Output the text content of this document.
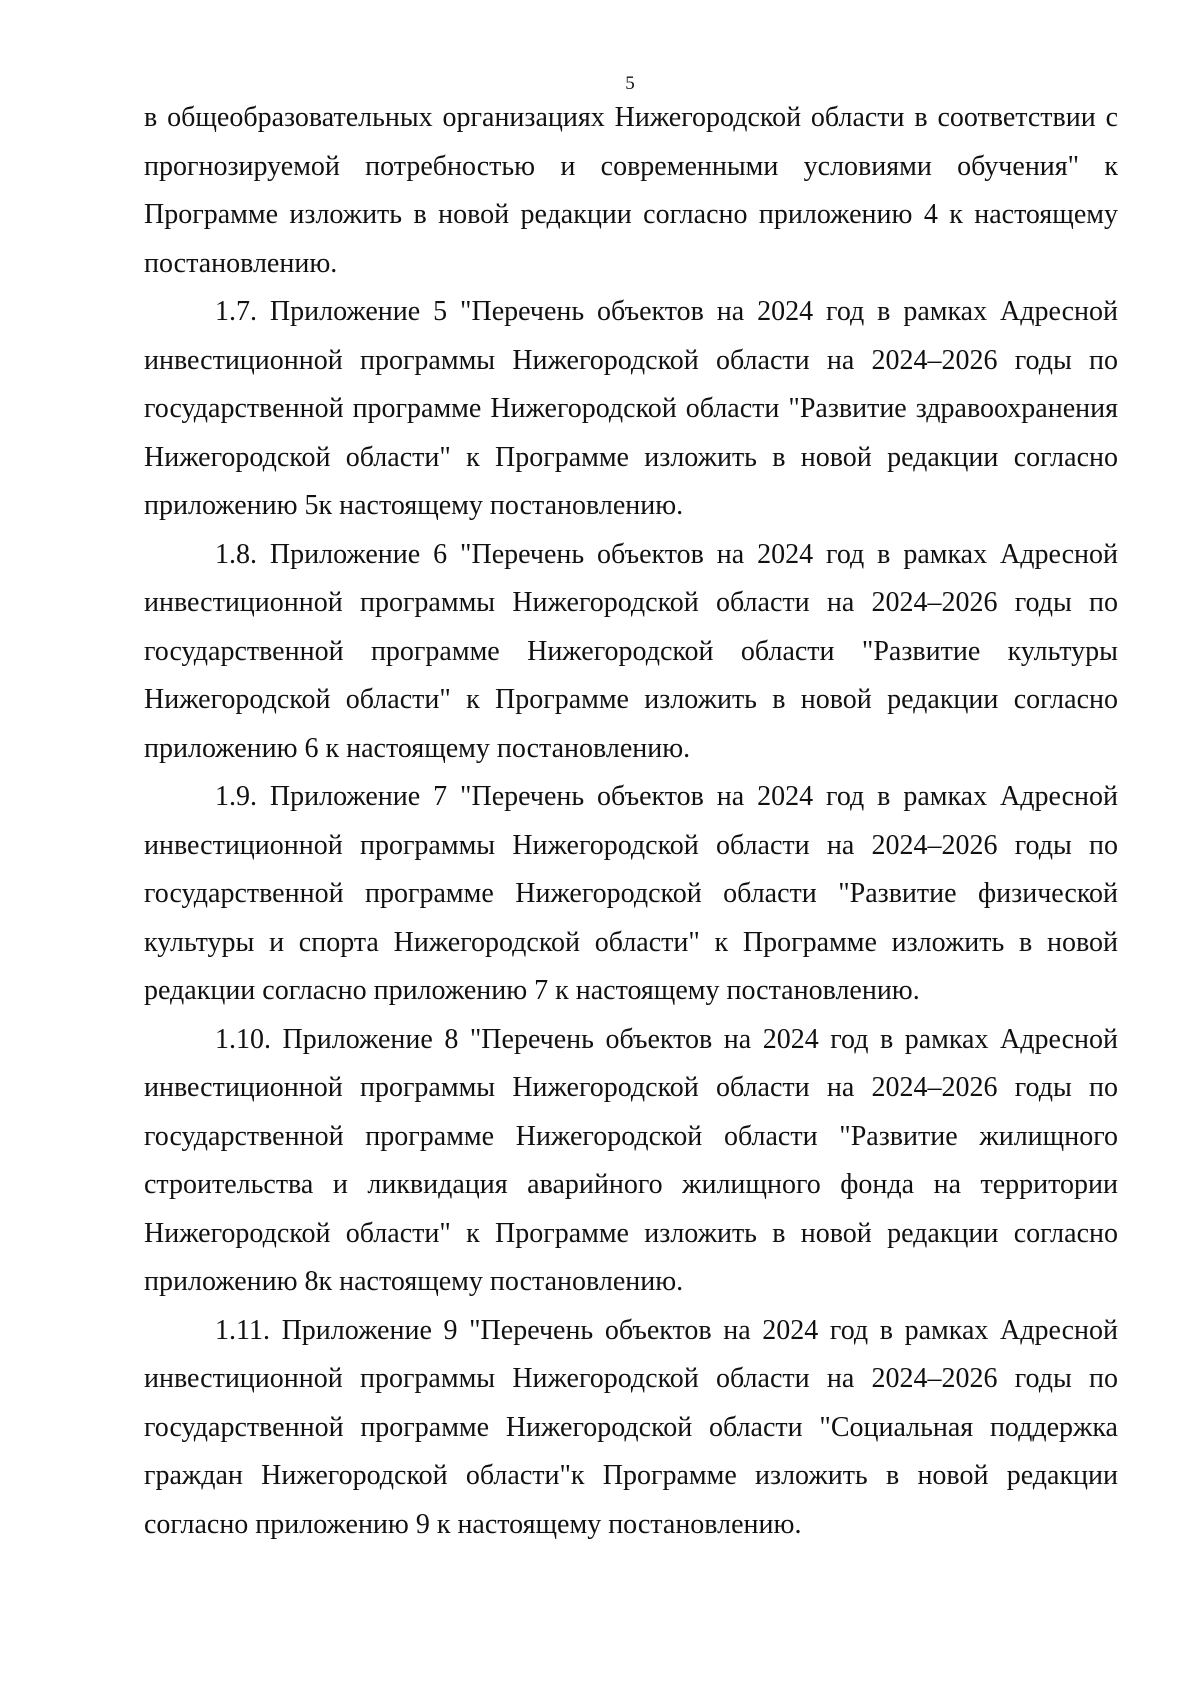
5

в общеобразовательных организациях Нижегородской области в соответствии с прогнозируемой потребностью и современными условиями обучения" к Программе изложить в новой редакции согласно приложению 4 к настоящему постановлению.

1.7. Приложение 5 "Перечень объектов на 2024 год в рамках Адресной инвестиционной программы Нижегородской области на 2024–2026 годы по государственной программе Нижегородской области "Развитие здравоохранения Нижегородской области" к Программе изложить в новой редакции согласно приложению 5к настоящему постановлению.

1.8. Приложение 6 "Перечень объектов на 2024 год в рамках Адресной инвестиционной программы Нижегородской области на 2024–2026 годы по государственной программе Нижегородской области "Развитие культуры Нижегородской области" к Программе изложить в новой редакции согласно приложению 6 к настоящему постановлению.

1.9. Приложение 7 "Перечень объектов на 2024 год в рамках Адресной инвестиционной программы Нижегородской области на 2024–2026 годы по государственной программе Нижегородской области "Развитие физической культуры и спорта Нижегородской области" к Программе изложить в новой редакции согласно приложению 7 к настоящему постановлению.

1.10. Приложение 8 "Перечень объектов на 2024 год в рамках Адресной инвестиционной программы Нижегородской области на 2024–2026 годы по государственной программе Нижегородской области "Развитие жилищного строительства и ликвидация аварийного жилищного фонда на территории Нижегородской области" к Программе изложить в новой редакции согласно приложению 8к настоящему постановлению.

1.11. Приложение 9 "Перечень объектов на 2024 год в рамках Адресной инвестиционной программы Нижегородской области на 2024–2026 годы по государственной программе Нижегородской области "Социальная поддержка граждан Нижегородской области"к Программе изложить в новой редакции согласно приложению 9 к настоящему постановлению.
